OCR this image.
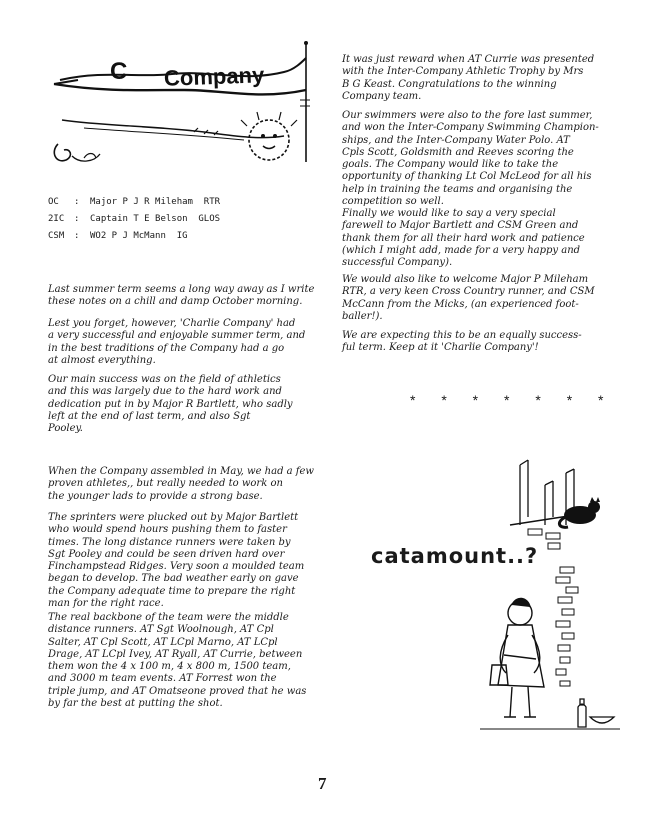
C Company
OC	:	Major P J R Mileham  RTR
2IC	:	Captain T E Belson  GLOS
CSM	:	WO2 P J McMann  IG

Last summer term seems a long way away as I write
these notes on a chill and damp October morning.

Lest you forget, however, 'Charlie Company' had
a very successful and enjoyable summer term, and
in the best traditions of the Company had a go
at almost everything.

Our main success was on the field of athletics
and this was largely due to the hard work and
dedication put in by Major R Bartlett, who sadly
left at the end of last term, and also Sgt
Pooley.

When the Company assembled in May, we had a few
proven athletes,, but really needed to work on
the younger lads to provide a strong base.

The sprinters were plucked out by Major Bartlett
who would spend hours pushing them to faster
times. The long distance runners were taken by
Sgt Pooley and could be seen driven hard over
Finchampstead Ridges. Very soon a moulded team
began to develop. The bad weather early on gave
the Company adequate time to prepare the right
man for the right race.

The real backbone of the team were the middle
distance runners. AT Sgt Woolnough, AT Cpl
Salter, AT Cpl Scott, AT LCpl Marno, AT LCpl
Drage, AT LCpl Ivey, AT Ryall, AT Currie, between
them won the 4 x 100 m, 4 x 800 m, 1500 team,
and 3000 m team events. AT Forrest won the
triple jump, and AT Omatseone proved that he was
by far the best at putting the shot.

It was just reward when AT Currie was presented
with the Inter-Company Athletic Trophy by Mrs
B G Keast. Congratulations to the winning
Company team.

Our swimmers were also to the fore last summer,
and won the Inter-Company Swimming Champion-
ships, and the Inter-Company Water Polo. AT
Cpls Scott, Goldsmith and Reeves scoring the
goals. The Company would like to take the
opportunity of thanking Lt Col McLeod for all his
help in training the teams and organising the
competition so well.

Finally we would like to say a very special
farewell to Major Bartlett and CSM Green and
thank them for all their hard work and patience
(which I might add, made for a very happy and
successful Company).

We would also like to welcome Major P Mileham
RTR, a very keen Cross Country runner, and CSM
McCann from the Micks, (an experienced foot-
baller!).

We are expecting this to be an equally success-
ful term. Keep at it 'Charlie Company'!

* * * * * * *
catamount..?
7
